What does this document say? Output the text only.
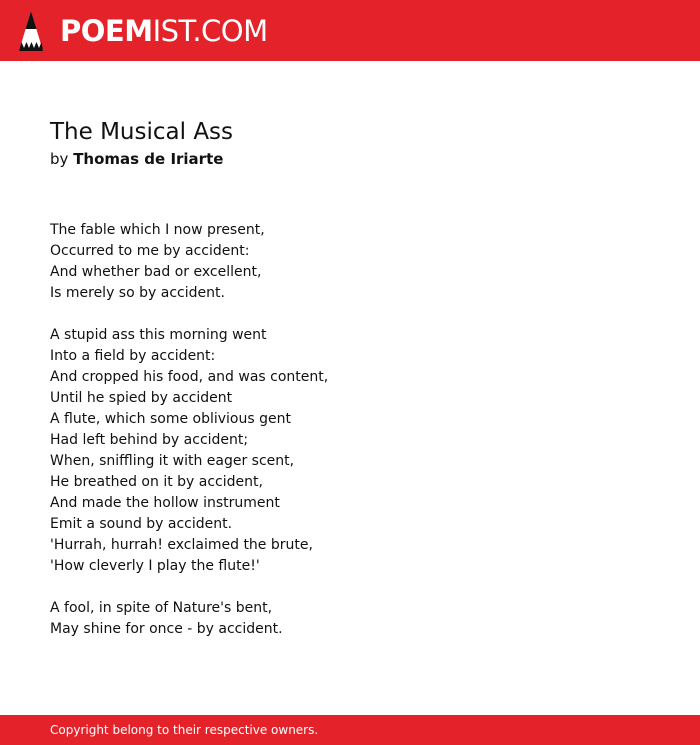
POEMIST.COM
The Musical Ass
by Thomas de Iriarte
The fable which I now present,
Occurred to me by accident:
And whether bad or excellent,
Is merely so by accident.
A stupid ass this morning went
Into a field by accident:
And cropped his food, and was content,
Until he spied by accident
A flute, which some oblivious gent
Had left behind by accident;
When, sniffling it with eager scent,
He breathed on it by accident,
And made the hollow instrument
Emit a sound by accident.
'Hurrah, hurrah! exclaimed the brute,
'How cleverly I play the flute!'
A fool, in spite of Nature's bent,
May shine for once - by accident.
Copyright belong to their respective owners.
